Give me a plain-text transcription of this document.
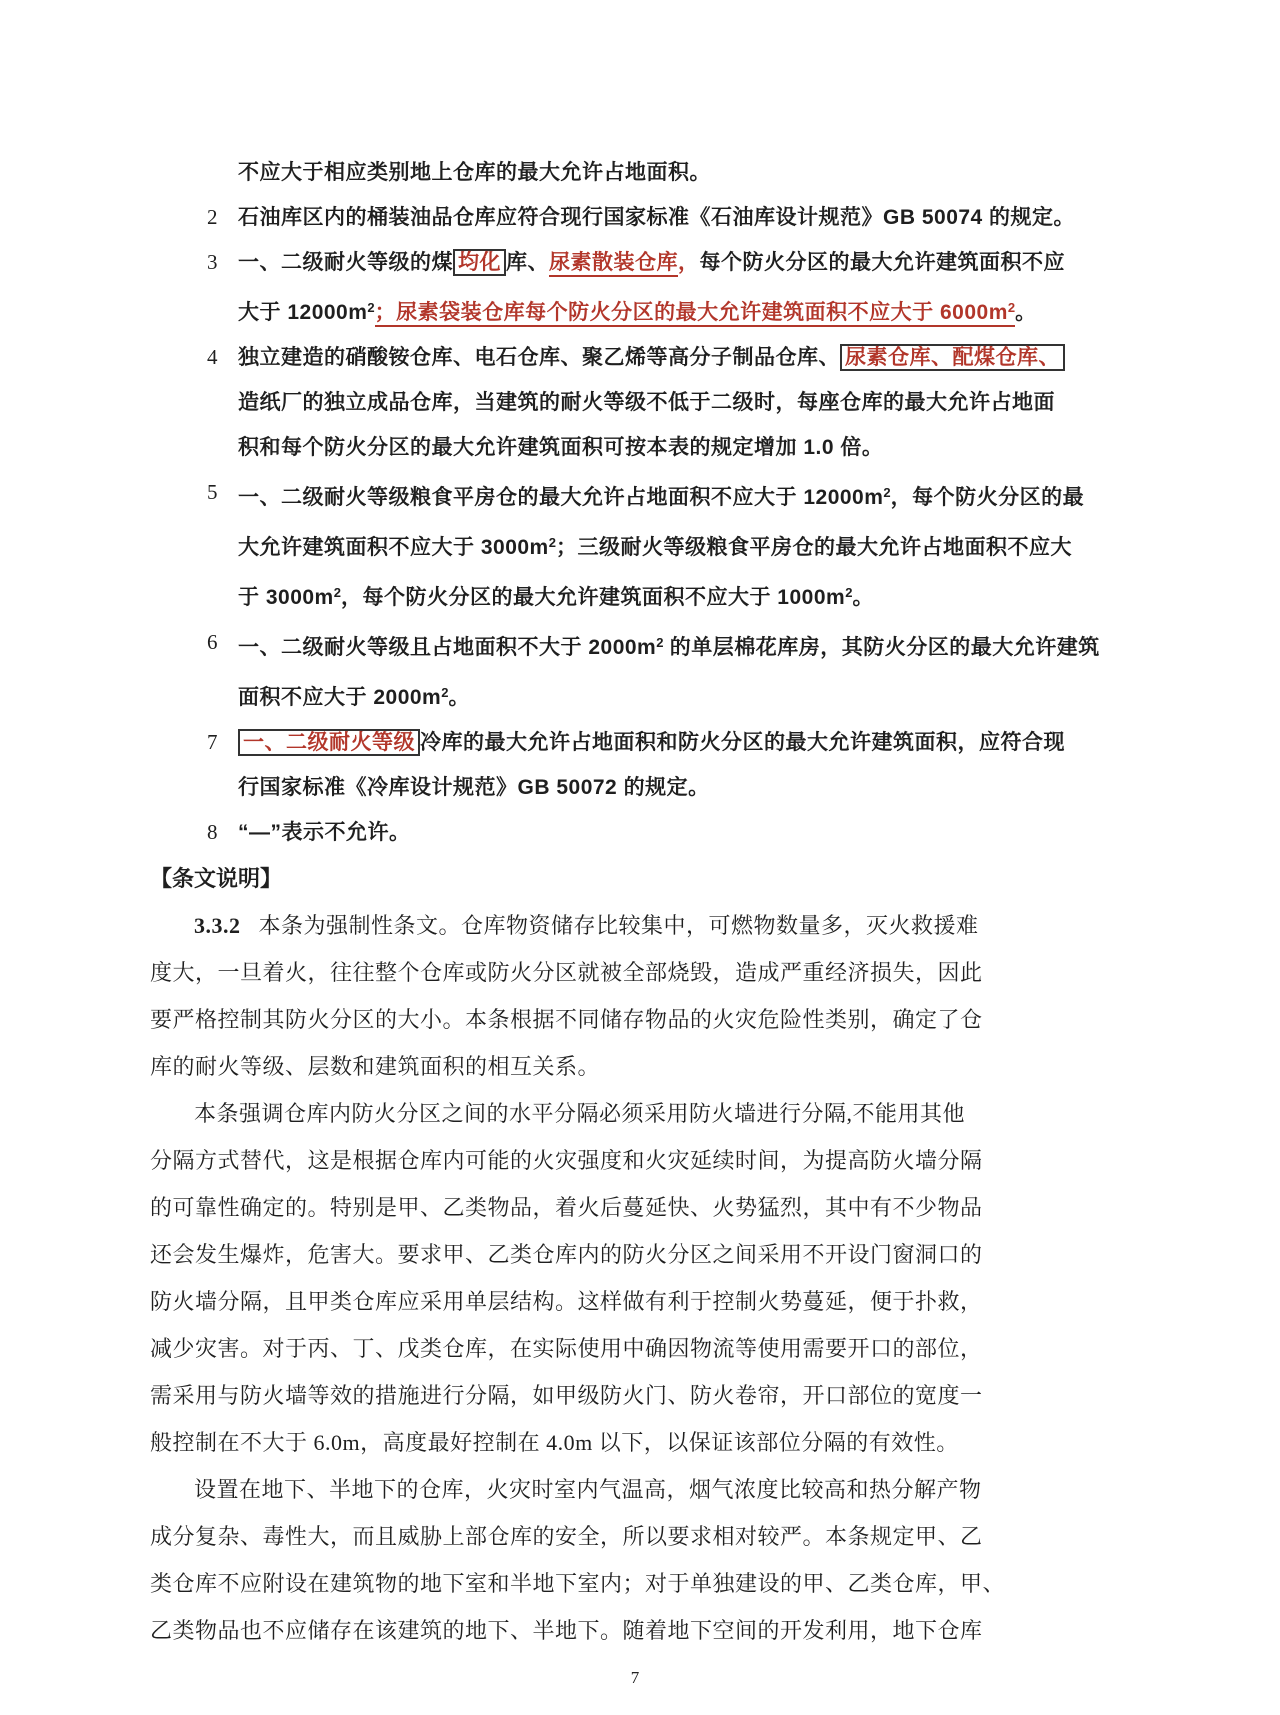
不应大于相应类别地上仓库的最大允许占地面积。
2 石油库区内的桶装油品仓库应符合现行国家标准《石油库设计规范》GB 50074 的规定。
3 一、二级耐火等级的煤 均化 库、尿素散装仓库，每个防火分区的最大允许建筑面积不应
大于 $12000m^2$；尿素袋装仓库每个防火分区的最大允许建筑面积不应大于 $6000m^2$。
4 独立建造的硝酸铵仓库、电石仓库、聚乙烯等高分子制品仓库、 尿素仓库、配煤仓库、
造纸厂的独立成品仓库，当建筑的耐火等级不低于二级时，每座仓库的最大允许占地面
积和每个防火分区的最大允许建筑面积可按本表的规定增加 1.0 倍。
5 一、二级耐火等级粮食平房仓的最大允许占地面积不应大于 $12000m^2$，每个防火分区的最
大允许建筑面积不应大于 $3000m^2$；三级耐火等级粮食平房仓的最大允许占地面积不应大
于 $3000m^2$，每个防火分区的最大允许建筑面积不应大于 $1000m^2$。
6 一、二级耐火等级且占地面积不大于 $2000m^2$ 的单层棉花库房，其防火分区的最大允许建筑
面积不应大于 $2000m^2$。
7 一、二级耐火等级 冷库的最大允许占地面积和防火分区的最大允许建筑面积，应符合现
行国家标准《冷库设计规范》GB 50072 的规定。
8 “—”表示不允许。
【条文说明】
3.3.2 本条为强制性条文。仓库物资储存比较集中，可燃物数量多，灭火救援难
度大，一旦着火，往往整个仓库或防火分区就被全部烧毁，造成严重经济损失，因此
要严格控制其防火分区的大小。本条根据不同储存物品的火灾危险性类别，确定了仓
库的耐火等级、层数和建筑面积的相互关系。
本条强调仓库内防火分区之间的水平分隔必须采用防火墙进行分隔,不能用其他
分隔方式替代，这是根据仓库内可能的火灾强度和火灾延续时间，为提高防火墙分隔
的可靠性确定的。特别是甲、乙类物品，着火后蔓延快、火势猛烈，其中有不少物品
还会发生爆炸，危害大。要求甲、乙类仓库内的防火分区之间采用不开设门窗洞口的
防火墙分隔，且甲类仓库应采用单层结构。这样做有利于控制火势蔓延，便于扑救，
减少灾害。对于丙、丁、戊类仓库，在实际使用中确因物流等使用需要开口的部位，
需采用与防火墙等效的措施进行分隔，如甲级防火门、防火卷帘，开口部位的宽度一
般控制在不大于 6.0m，高度最好控制在 4.0m 以下，以保证该部位分隔的有效性。
设置在地下、半地下的仓库，火灾时室内气温高，烟气浓度比较高和热分解产物
成分复杂、毒性大，而且威胁上部仓库的安全，所以要求相对较严。本条规定甲、乙
类仓库不应附设在建筑物的地下室和半地下室内；对于单独建设的甲、乙类仓库，甲、
乙类物品也不应储存在该建筑的地下、半地下。随着地下空间的开发利用，地下仓库
7
